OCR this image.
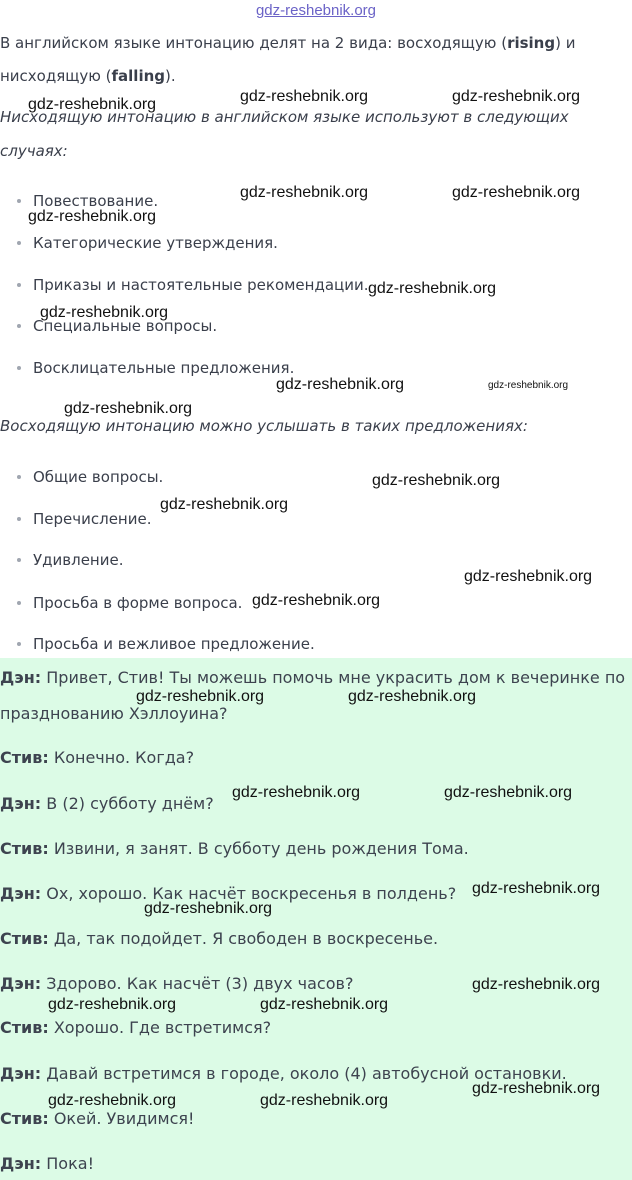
gdz-reshebnik.org
В английском языке интонацию делят на 2 вида: восходящую (rising) и
нисходящую (falling).
Нисходящую интонацию в английском языке используют в следующих
случаях:
Повествование.
Категорические утверждения.
Приказы и настоятельные рекомендации.
Специальные вопросы.
Восклицательные предложения.
Восходящую интонацию можно услышать в таких предложениях:
Общие вопросы.
Перечисление.
Удивление.
Просьба в форме вопроса.
Просьба и вежливое предложение.
Дэн: Привет, Стив! Ты можешь помочь мне украсить дом к вечеринке по
празднованию Хэллоуина?
Стив: Конечно. Когда?
Дэн: В (2) субботу днём?
Стив: Извини, я занят. В субботу день рождения Тома.
Дэн: Ох, хорошо. Как насчёт воскресенья в полдень?
Стив: Да, так подойдет. Я свободен в воскресенье.
Дэн: Здорово. Как насчёт (3) двух часов?
Стив: Хорошо. Где встретимся?
Дэн: Давай встретимся в городе, около (4) автобусной остановки.
Стив: Окей. Увидимся!
Дэн: Пока!
gdz-reshebnik.org	gdz-reshebnik.org	gdz-reshebnik.org
gdz-reshebnik.org	gdz-reshebnik.org
gdz-reshebnik.org
gdz-reshebnik.org
gdz-reshebnik.org
gdz-reshebnik.org	gdz-reshebnik.org
gdz-reshebnik.org
gdz-reshebnik.org
gdz-reshebnik.org
gdz-reshebnik.org
gdz-reshebnik.org
gdz-reshebnik.org	gdz-reshebnik.org
gdz-reshebnik.org	gdz-reshebnik.org
gdz-reshebnik.org
gdz-reshebnik.org
gdz-reshebnik.org
gdz-reshebnik.org	gdz-reshebnik.org
gdz-reshebnik.org
gdz-reshebnik.org	gdz-reshebnik.org
